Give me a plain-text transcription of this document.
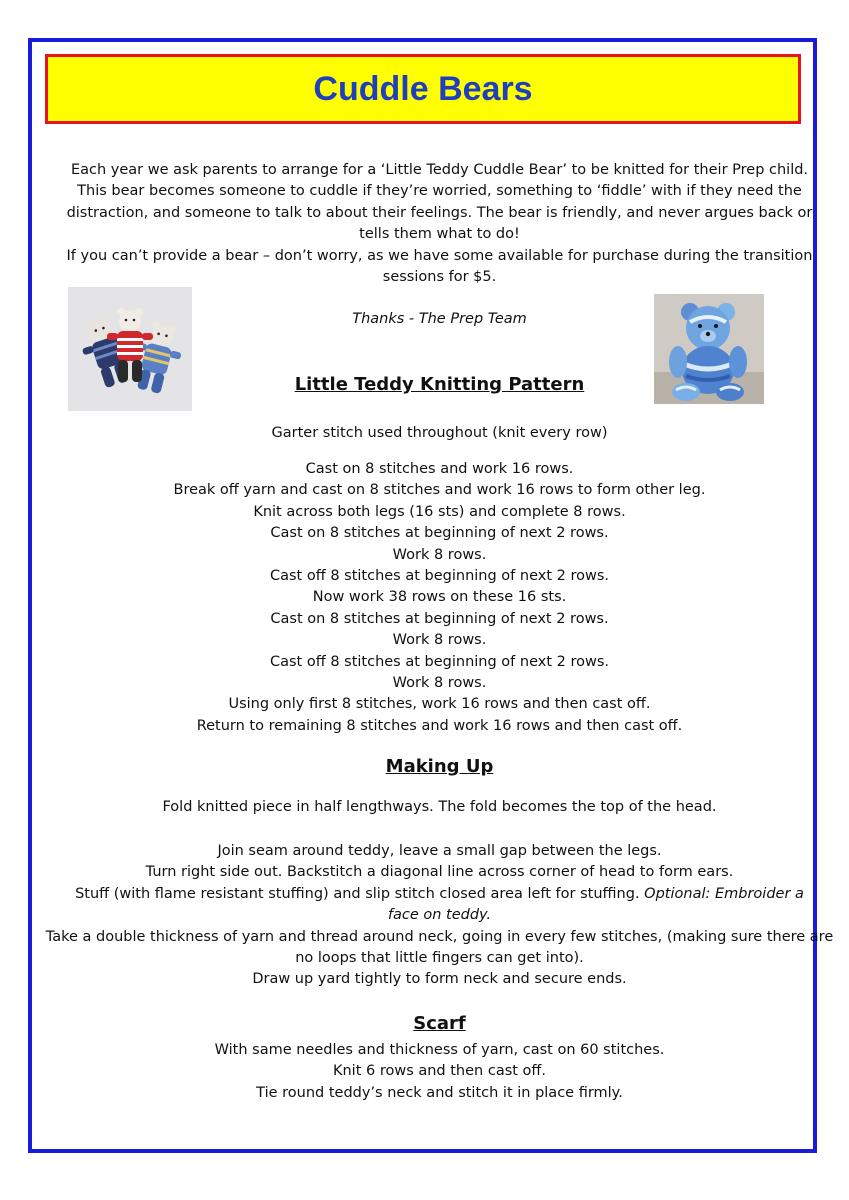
Cuddle Bears
Each year we ask parents to arrange for a ‘Little Teddy Cuddle Bear’ to be knitted for their Prep child.
This bear becomes someone to cuddle if they’re worried, something to ‘fiddle’ with if they need the
distraction, and someone to talk to about their feelings. The bear is friendly, and never argues back or
tells them what to do!
If you can’t provide a bear – don’t worry, as we have some available for purchase during the transition
sessions for $5.
Thanks - The Prep Team
Little Teddy Knitting Pattern
Garter stitch used throughout (knit every row)
Cast on 8 stitches and work 16 rows.
Break off yarn and cast on 8 stitches and work 16 rows to form other leg.
Knit across both legs (16 sts) and complete 8 rows.
Cast on 8 stitches at beginning of next 2 rows.
Work 8 rows.
Cast off 8 stitches at beginning of next 2 rows.
Now work 38 rows on these 16 sts.
Cast on 8 stitches at beginning of next 2 rows.
Work 8 rows.
Cast off 8 stitches at beginning of next 2 rows.
Work 8 rows.
Using only first 8 stitches, work 16 rows and then cast off.
Return to remaining 8 stitches and work 16 rows and then cast off.
Making Up
Fold knitted piece in half lengthways. The fold becomes the top of the head.
Join seam around teddy, leave a small gap between the legs.
Turn right side out. Backstitch a diagonal line across corner of head to form ears.
Stuff (with flame resistant stuffing) and slip stitch closed area left for stuffing. Optional: Embroider a
face on teddy.
Take a double thickness of yarn and thread around neck, going in every few stitches, (making sure there are
no loops that little fingers can get into).
Draw up yard tightly to form neck and secure ends.
Scarf
With same needles and thickness of yarn, cast on 60 stitches.
Knit 6 rows and then cast off.
Tie round teddy’s neck and stitch it in place firmly.
